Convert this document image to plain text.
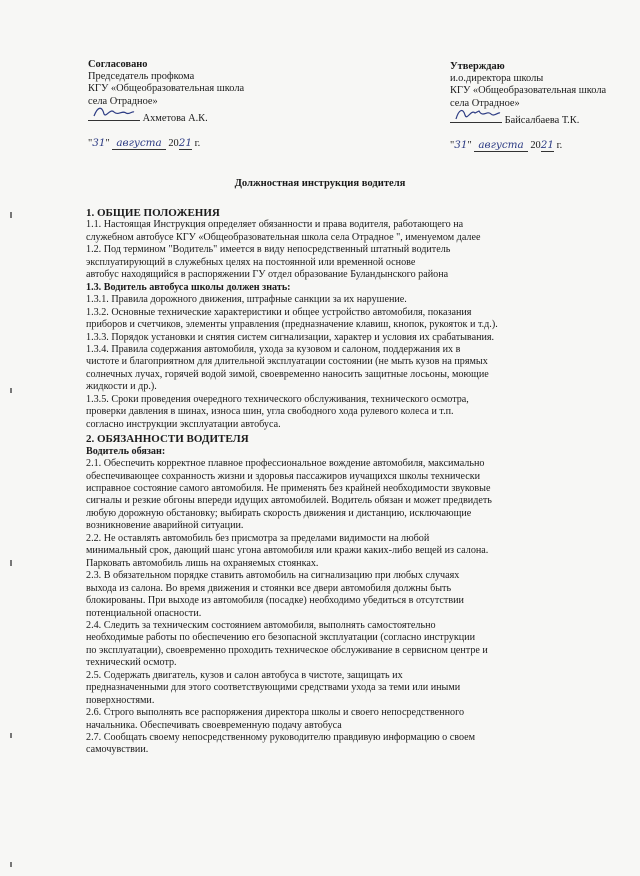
Согласовано
Председатель профкома
КГУ «Общеобразовательная школа
села Отрадное»
Ахметова А.К.
"31" августа 2021 г.
Утверждаю
и.о.директора школы
КГУ «Общеобразовательная школа
села Отрадное»
Байсалбаева Т.К.
"31" августа 2021 г.
Должностная инструкция водителя

1. ОБЩИЕ ПОЛОЖЕНИЯ

1.1. Настоящая Инструкция определяет обязанности и права водителя, работающего на

служебном автобусе КГУ «Общеобразовательная школа села Отрадное ", именуемом далее

1.2. Под термином "Водитель" имеется в виду непосредственный штатный водитель

эксплуатирующий в служебных целях на постоянной или временной основе

автобус находящийся в распоряжении ГУ отдел образование Буландынского района

1.3. Водитель автобуса школы должен знать:

1.3.1. Правила дорожного движения, штрафные санкции за их нарушение.

1.3.2. Основные технические характеристики и общее устройство автомобиля, показания

приборов и счетчиков, элементы управления (предназначение клавиш, кнопок, рукояток и т.д.).

1.3.3. Порядок установки и снятия систем сигнализации, характер и условия их срабатывания.

1.3.4. Правила содержания автомобиля, ухода за кузовом и салоном, поддержания их в

чистоте и благоприятном для длительной эксплуатации состоянии (не мыть кузов на прямых

солнечных лучах, горячей водой зимой, своевременно наносить защитные лосьоны, моющие

жидкости и др.).

1.3.5. Сроки проведения очередного технического обслуживания, технического осмотра,

проверки давления в шинах, износа шин, угла свободного хода рулевого колеса и т.п.

согласно инструкции эксплуатации автобуса.

2. ОБЯЗАННОСТИ ВОДИТЕЛЯ

Водитель обязан:

2.1. Обеспечить корректное плавное профессиональное вождение автомобиля, максимально

обеспечивающее сохранность жизни и здоровья пассажиров иучащихся школы технически

исправное состояние самого автомобиля. Не применять без крайней необходимости звуковые

сигналы и резкие обгоны впереди идущих автомобилей. Водитель обязан и может предвидеть

любую дорожную обстановку; выбирать скорость движения и дистанцию, исключающие

возникновение аварийной ситуации.

2.2. Не оставлять автомобиль без присмотра за пределами видимости на любой

минимальный срок, дающий шанс угона автомобиля или кражи каких-либо вещей из салона.

Парковать автомобиль лишь на охраняемых стоянках.

2.3. В обязательном порядке ставить автомобиль на сигнализацию при любых случаях

выхода из салона. Во время движения и стоянки все двери автомобиля должны быть

блокированы. При выходе из автомобиля (посадке) необходимо убедиться в отсутствии

потенциальной опасности.

2.4. Следить за техническим состоянием автомобиля, выполнять самостоятельно

необходимые работы по обеспечению его безопасной эксплуатации (согласно инструкции

по эксплуатации), своевременно проходить техническое обслуживание в сервисном центре и

технический осмотр.

2.5. Содержать двигатель, кузов и салон автобуса в чистоте, защищать их

предназначенными для этого соответствующими средствами ухода за теми или иными

поверхностями.

2.6. Строго выполнять все распоряжения директора школы и своего непосредственного

начальника. Обеспечивать своевременную подачу автобуса

2.7. Сообщать своему непосредственному руководителю правдивую информацию о своем

самочувствии.
